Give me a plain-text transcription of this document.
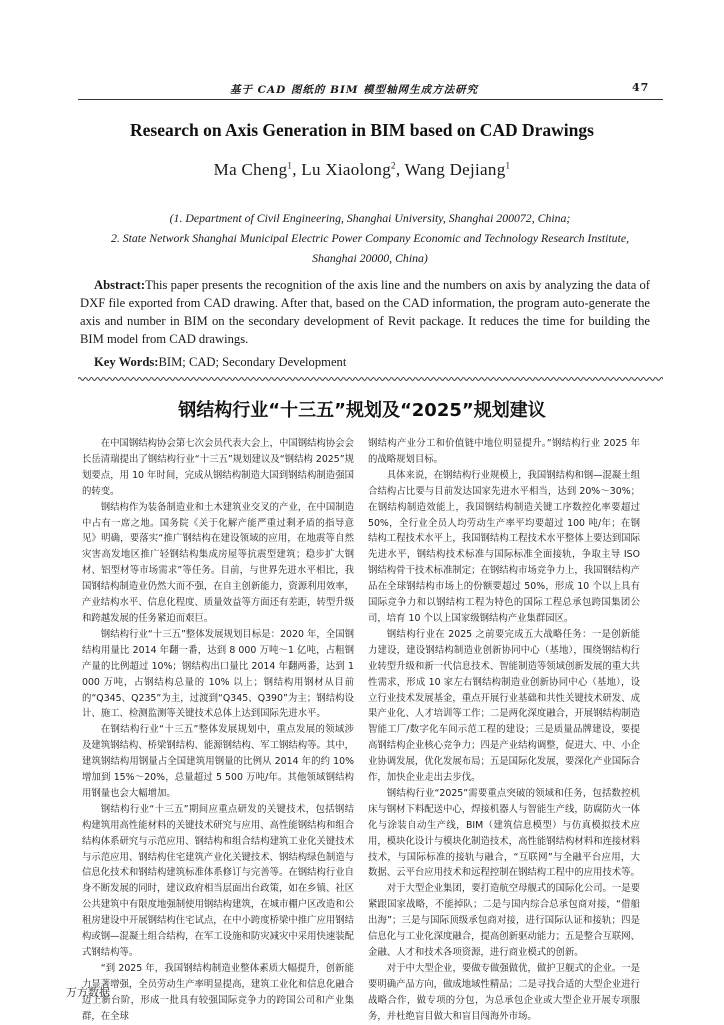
基于 CAD 图纸的 BIM 模型轴网生成方法研究	47
Research on Axis Generation in BIM based on CAD Drawings
Ma Cheng$^1$, Lu Xiaolong$^2$, Wang Dejiang$^1$
(1. Department of Civil Engineering, Shanghai University, Shanghai 200072, China;
2. State Network Shanghai Municipal Electric Power Company Economic and Technology Research Institute,
Shanghai 20000, China)
Abstract:This paper presents the recognition of the axis line and the numbers on axis by analyzing the data of DXF file exported from CAD drawing. After that, based on the CAD information, the program auto-generate the axis and number in BIM on the secondary development of Revit package. It reduces the time for building the BIM model from CAD drawings.
Key Words:BIM; CAD; Secondary Development
钢结构行业“十三五”规划及“2025”规划建议

在中国钢结构协会第七次会员代表大会上，中国钢结构协会会长岳清瑞提出了钢结构行业“十三五”规划建议及“钢结构 2025”规划要点，用 10 年时间，完成从钢结构制造大国到钢结构制造强国的转变。

钢结构作为装备制造业和土木建筑业交叉的产业，在中国制造中占有一席之地。国务院《关于化解产能严重过剩矛盾的指导意见》明确，要落实“推广钢结构在建设领域的应用，在地震等自然灾害高发地区推广轻钢结构集成房屋等抗震型建筑；稳步扩大钢材、铝型材等市场需求”等任务。目前，与世界先进水平相比，我国钢结构制造业仍然大而不强，在自主创新能力，资源利用效率，产业结构水平、信息化程度、质量效益等方面还有差距，转型升级和跨越发展的任务紧迫而艰巨。

钢结构行业“十三五”整体发展规划目标是：2020 年，全国钢结构用量比 2014 年翻一番，达到 8 000 万吨～1 亿吨，占粗钢产量的比例超过 10%；钢结构出口量比 2014 年翻两番，达到 1 000 万吨，占钢结构总量的 10% 以上；钢结构用钢材从目前的“Q345、Q235”为主，过渡到“Q345、Q390”为主；钢结构设计、施工、检测监测等关键技术总体上达到国际先进水平。

在钢结构行业“十三五”整体发展规划中，重点发展的领域涉及建筑钢结构、桥梁钢结构、能源钢结构、军工钢结构等。其中，建筑钢结构用钢量占全国建筑用钢量的比例从 2014 年的约 10% 增加到 15%～20%，总量超过 5 500 万吨/年。其他领域钢结构用钢量也会大幅增加。

钢结构行业“十三五”期间应重点研发的关键技术，包括钢结构建筑用高性能材料的关键技术研究与应用、高性能钢结构和组合结构体系研究与示范应用、钢结构和组合结构建筑工业化关键技术与示范应用、钢结构住宅建筑产业化关键技术、钢结构绿色制造与信息化技术和钢结构建筑标准体系修订与完善等。在钢结构行业自身不断发展的同时，建议政府相当层面出台政策，如在乡镇、社区公共建筑中有限度地强制使用钢结构建筑，在城市棚户区改造和公租房建设中开展钢结构住宅试点，在中小跨度桥梁中推广应用钢结构或钢—混凝土组合结构，在军工设施和防灾减灾中采用快速装配式钢结构等。

“到 2025 年，我国钢结构制造业整体素质大幅提升，创新能力显著增强，全员劳动生产率明显提高，建筑工业化和信息化融合迈上新台阶，形成一批具有较强国际竞争力的跨国公司和产业集群，在全球

钢结构产业分工和价值链中地位明显提升。”钢结构行业 2025 年的战略规划目标。

具体来说，在钢结构行业规模上，我国钢结构和钢—混凝土组合结构占比要与目前发达国家先进水平相当，达到 20%～30%；在钢结构制造效能上，我国钢结构制造关键工序数控化率要超过 50%，全行业全员人均劳动生产率平均要超过 100 吨/年；在钢结构工程技术水平上，我国钢结构工程技术水平整体上要达到国际先进水平，钢结构技术标准与国际标准全面接轨，争取主导 ISO 钢结构骨干技术标准制定；在钢结构市场竞争力上，我国钢结构产品在全球钢结构市场上的份额要超过 50%，形成 10 个以上具有国际竞争力和以钢结构工程为特色的国际工程总承包跨国集团公司，培育 10 个以上国家级钢结构产业集群园区。

钢结构行业在 2025 之前要完成五大战略任务：一是创新能力建设，建设钢结构制造业创新协同中心（基地），围绕钢结构行业转型升级和新一代信息技术、智能制造等领域创新发展的重大共性需求，形成 10 家左右钢结构制造业创新协同中心（基地），设立行业技术发展基金，重点开展行业基础和共性关键技术研发、成果产业化、人才培训等工作；二是两化深度融合，开展钢结构制造智能工厂/数字化车间示范工程的建设；三是质量品牌建设，要提高钢结构企业核心竞争力；四是产业结构调整，促进大、中、小企业协调发展，优化发展布局；五是国际化发展，要深化产业国际合作，加快企业走出去步伐。

钢结构行业“2025”需要重点突破的领域和任务，包括数控机床与钢材下料配送中心，焊接机器人与智能生产线，防腐防火一体化与涂装自动生产线，BIM（建筑信息模型）与仿真模拟技术应用，模块化设计与模块化制造技术，高性能钢结构材料和连接材料技术，与国际标准的接轨与融合，“互联网”与全融平台应用，大数据、云平台应用技术和远程控制在钢结构工程中的应用技术等。

对于大型企业集团，要打造航空母舰式的国际化公司。一是要紧跟国家战略，不能掉队；二是与国内综合总承包商对接，“借船出海”；三是与国际顶级承包商对接，进行国际认证和接轨；四是信息化与工业化深度融合，提高创新驱动能力；五是整合互联网、金融、人才和技术各项资源，进行商业模式的创新。

对于中大型企业，要做专做强做优，做护卫舰式的企业。一是要明确产品方向，做成地域性精品；二是寻找合适的大型企业进行战略合作，做专项的分包，为总承包企业或大型企业开展专项服务，并杜绝盲目做大和盲目闯海外市场。

万方数据
